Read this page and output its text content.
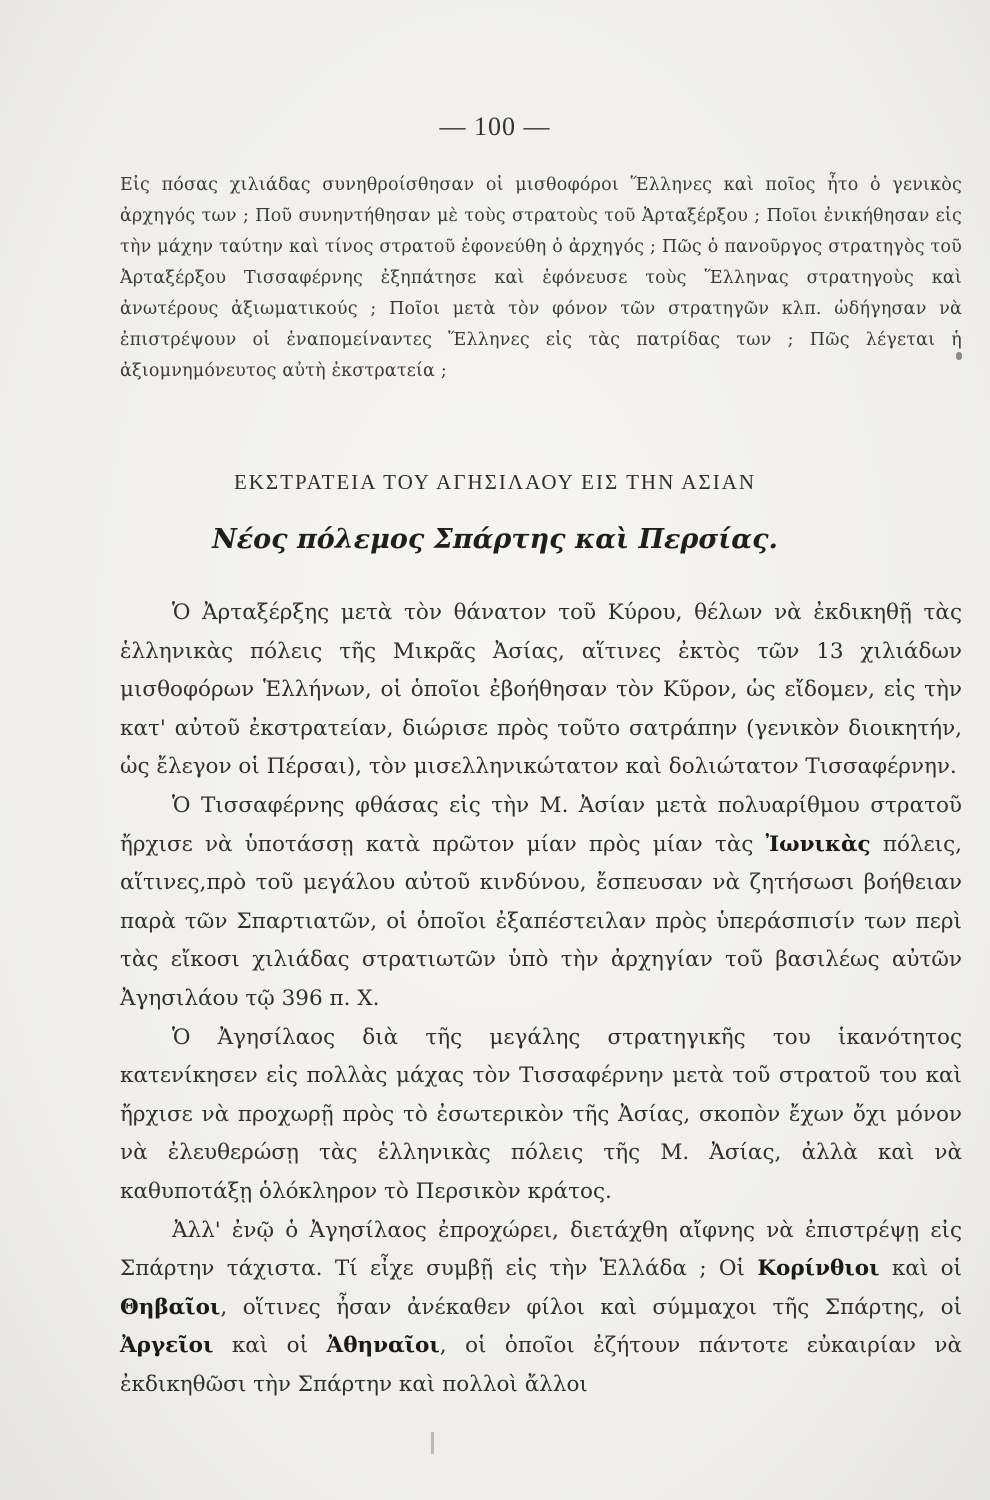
— 100 —

Εἰς πόσας χιλιάδας συνηθροίσθησαν οἱ μισθοφόροι Ἕλληνες καὶ ποῖος ἦτο ὁ γενικὸς ἀρχηγός των ; Ποῦ συνηντήθησαν μὲ τοὺς στρατοὺς τοῦ Ἀρταξέρξου ; Ποῖοι ἐνικήθησαν εἰς τὴν μάχην ταύτην καὶ τίνος στρατοῦ ἐφονεύθη ὁ ἀρχηγός ; Πῶς ὁ πανοῦργος στρατηγὸς τοῦ Ἀρταξέρξου Τισσαφέρνης ἐξηπάτησε καὶ ἐφόνευσε τοὺς Ἕλληνας στρατηγοὺς καὶ ἀνωτέρους ἀξιωματικούς ; Ποῖοι μετὰ τὸν φόνον τῶν στρατηγῶν κλπ. ὡδήγησαν νὰ ἐπιστρέψουν οἱ ἐναπομείναντες Ἕλληνες εἰς τὰς πατρίδας των ; Πῶς λέγεται ἡ ἀξιομνημόνευτος αὐτὴ ἐκστρατεία ;

ΕΚΣΤΡΑΤΕΙΑ ΤΟΥ ΑΓΗΣΙΛΑΟΥ ΕΙΣ ΤΗΝ ΑΣΙΑΝ
Νέος πόλεμος Σπάρτης καὶ Περσίας.

Ὁ Ἀρταξέρξης μετὰ τὸν θάνατον τοῦ Κύρου, θέλων νὰ ἐκδικηθῇ τὰς ἑλληνικὰς πόλεις τῆς Μικρᾶς Ἀσίας, αἵτινες ἐκτὸς τῶν 13 χιλιάδων μισθοφόρων Ἑλλήνων, οἱ ὁποῖοι ἐβοήθησαν τὸν Κῦρον, ὡς εἴδομεν, εἰς τὴν κατ' αὐτοῦ ἐκστρατείαν, διώρισε πρὸς τοῦτο σατράπην (γενικὸν διοικητήν, ὡς ἔλεγον οἱ Πέρσαι), τὸν μισελληνικώτατον καὶ δολιώτατον Τισσαφέρνην.

Ὁ Τισσαφέρνης φθάσας εἰς τὴν Μ. Ἀσίαν μετὰ πολυαρίθμου στρατοῦ ἤρχισε νὰ ὑποτάσσῃ κατὰ πρῶτον μίαν πρὸς μίαν τὰς Ἰωνικὰς πόλεις, αἵτινες,πρὸ τοῦ μεγάλου αὐτοῦ κινδύνου, ἔσπευσαν νὰ ζητήσωσι βοήθειαν παρὰ τῶν Σπαρτιατῶν, οἱ ὁποῖοι ἐξαπέστειλαν πρὸς ὑπεράσπισίν των περὶ τὰς εἴκοσι χιλιάδας στρατιωτῶν ὑπὸ τὴν ἀρχηγίαν τοῦ βασιλέως αὐτῶν Ἀγησιλάου τῷ 396 π. Χ.

Ὁ Ἀγησίλαος διὰ τῆς μεγάλης στρατηγικῆς του ἱκανότητος κατενίκησεν εἰς πολλὰς μάχας τὸν Τισσαφέρνην μετὰ τοῦ στρατοῦ του καὶ ἤρχισε νὰ προχωρῇ πρὸς τὸ ἐσωτερικὸν τῆς Ἀσίας, σκοπὸν ἔχων ὄχι μόνον νὰ ἐλευθερώσῃ τὰς ἑλληνικὰς πόλεις τῆς Μ. Ἀσίας, ἀλλὰ καὶ νὰ καθυποτάξῃ ὁλόκληρον τὸ Περσικὸν κράτος.

Ἀλλ' ἐνῷ ὁ Ἀγησίλαος ἐπροχώρει, διετάχθη αἴφνης νὰ ἐπιστρέψῃ εἰς Σπάρτην τάχιστα. Τί εἶχε συμβῇ εἰς τὴν Ἑλλάδα ; Οἱ Κορίνθιοι καὶ οἱ Θηβαῖοι, οἵτινες ἦσαν ἀνέκαθεν φίλοι καὶ σύμμαχοι τῆς Σπάρτης, οἱ Ἀργεῖοι καὶ οἱ Ἀθηναῖοι, οἱ ὁποῖοι ἐζήτουν πάντοτε εὐκαιρίαν νὰ ἐκδικηθῶσι τὴν Σπάρτην καὶ πολλοὶ ἄλλοι
